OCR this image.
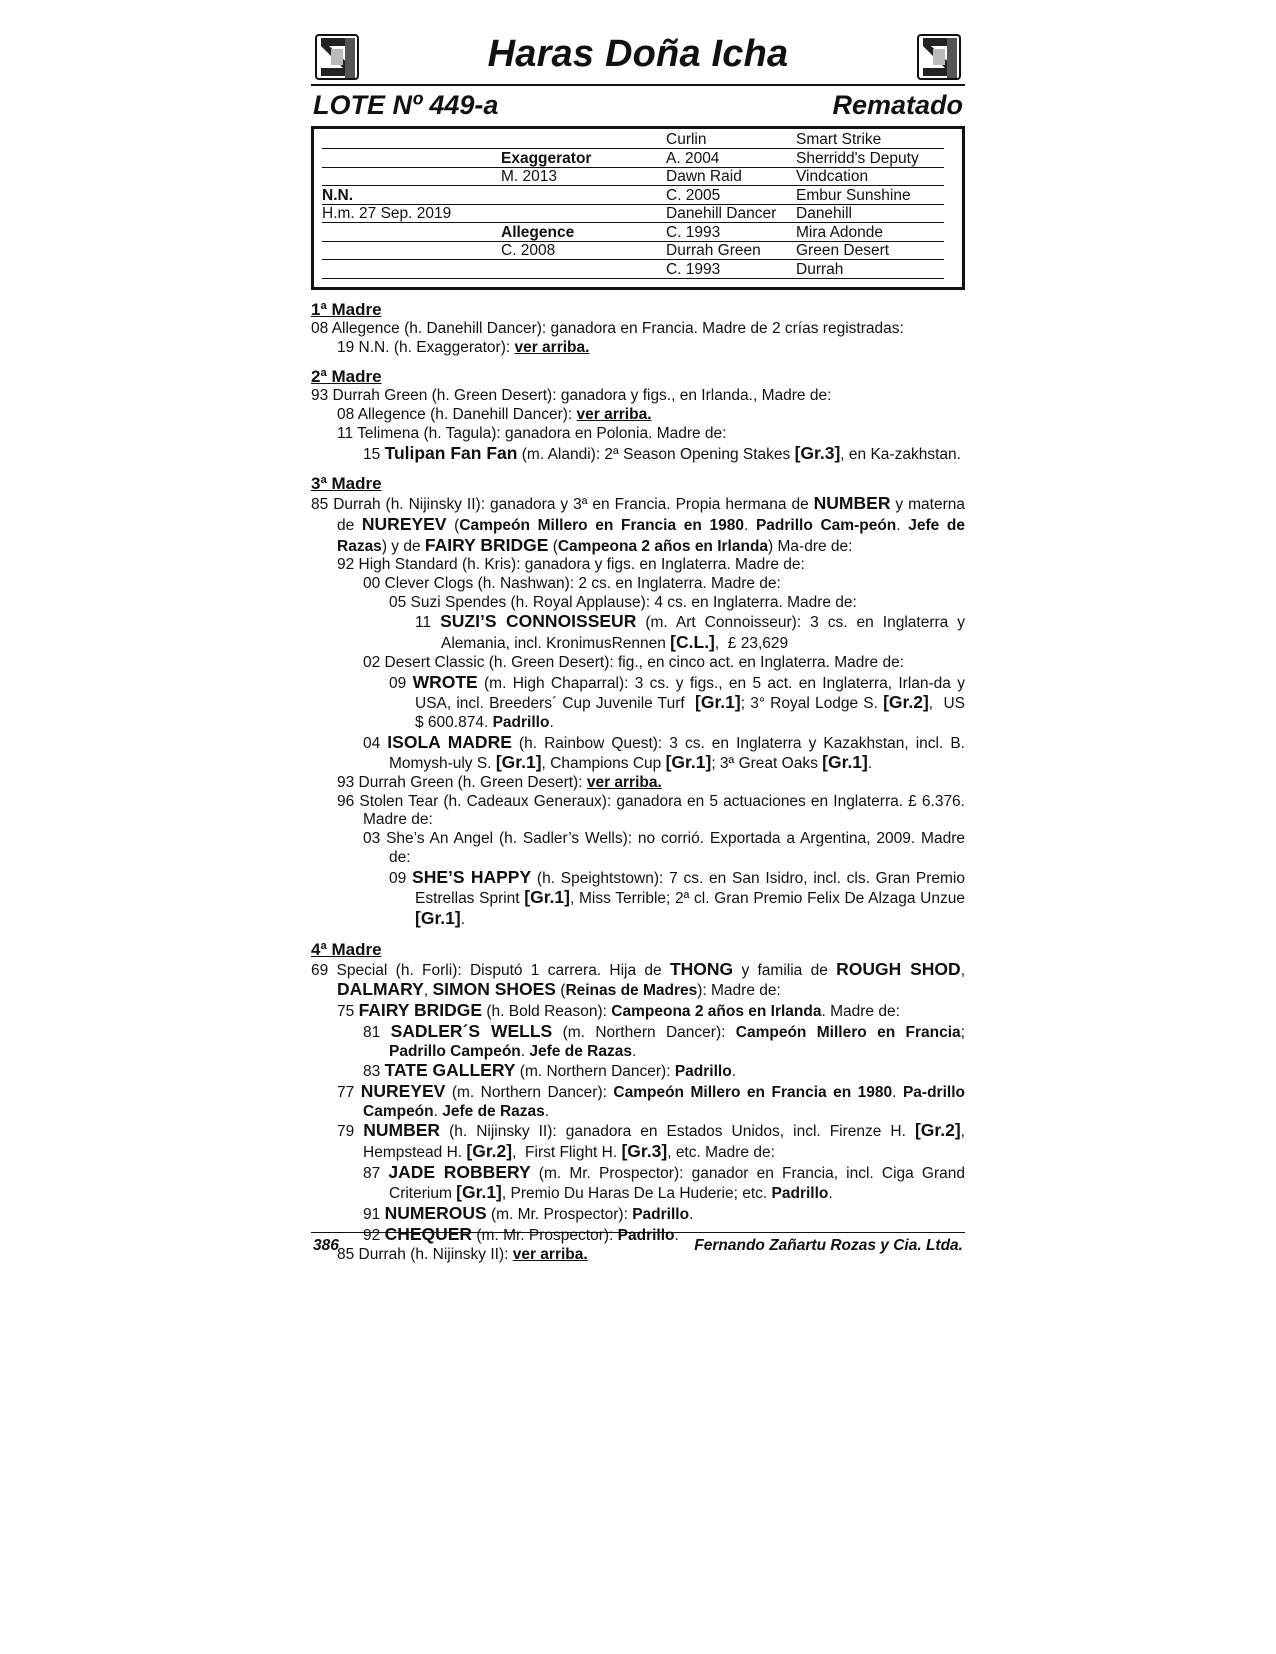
Haras Doña Icha
LOTE Nº 449-a	Rematado
Smart Strike
Sherridd's Deputy
Vindcation
Embur Sunshine
Danehill
Mira Adonde
Green Desert
Durrah
Curlin
A. 2004
Dawn Raid
C. 2005
Danehill Dancer
C. 1993
Durrah Green
C. 1993
Exaggerator
M. 2013
Allegence
C. 2008
N.N.
H.m. 27 Sep. 2019
1ª Madre
08 Allegence (h. Danehill Dancer): ganadora en Francia. Madre de 2 crías registradas:
19 N.N. (h. Exaggerator): ver arriba.
2ª Madre
93 Durrah Green (h. Green Desert): ganadora y figs., en Irlanda., Madre de:
08 Allegence (h. Danehill Dancer): ver arriba.
11 Telimena (h. Tagula): ganadora en Polonia. Madre de:
15 Tulipan Fan Fan (m. Alandi): 2ª Season Opening Stakes [Gr.3], en Ka-zakhstan.
3ª Madre
85 Durrah (h. Nijinsky II): ganadora y 3ª en Francia. Propia hermana de NUMBER y materna de NUREYEV (Campeón Millero en Francia en 1980. Padrillo Cam-peón. Jefe de Razas) y de FAIRY BRIDGE (Campeona 2 años en Irlanda) Ma-dre de:
92 High Standard (h. Kris): ganadora y figs. en Inglaterra. Madre de:
00 Clever Clogs (h. Nashwan): 2 cs. en Inglaterra. Madre de:
05 Suzi Spendes (h. Royal Applause): 4 cs. en Inglaterra. Madre de:
11 SUZI’S CONNOISSEUR (m. Art Connoisseur): 3 cs. en Inglaterra y Alemania, incl. KronimusRennen [C.L.],  £ 23,629
02 Desert Classic (h. Green Desert): fig., en cinco act. en Inglaterra. Madre de:
09 WROTE (m. High Chaparral): 3 cs. y figs., en 5 act. en Inglaterra, Irlan-da y USA, incl. Breeders´ Cup Juvenile Turf  [Gr.1]; 3° Royal Lodge S. [Gr.2],  US $ 600.874. Padrillo.
04 ISOLA MADRE (h. Rainbow Quest): 3 cs. en Inglaterra y Kazakhstan, incl. B. Momysh-uly S. [Gr.1], Champions Cup [Gr.1]; 3ª Great Oaks [Gr.1].
93 Durrah Green (h. Green Desert): ver arriba.
96 Stolen Tear (h. Cadeaux Generaux): ganadora en 5 actuaciones en Inglaterra. £ 6.376. Madre de:
03 She’s An Angel (h. Sadler’s Wells): no corrió. Exportada a Argentina, 2009. Madre de:
09 SHE’S HAPPY (h. Speightstown): 7 cs. en San Isidro, incl. cls. Gran Premio Estrellas Sprint [Gr.1], Miss Terrible; 2ª cl. Gran Premio Felix De Alzaga Unzue [Gr.1].
4ª Madre
69 Special (h. Forli): Disputó 1 carrera. Hija de THONG y familia de ROUGH SHOD, DALMARY, SIMON SHOES (Reinas de Madres): Madre de:
75 FAIRY BRIDGE (h. Bold Reason): Campeona 2 años en Irlanda. Madre de:
81 SADLER´S WELLS (m. Northern Dancer): Campeón Millero en Francia; Padrillo Campeón. Jefe de Razas.
83 TATE GALLERY (m. Northern Dancer): Padrillo.
77 NUREYEV (m. Northern Dancer): Campeón Millero en Francia en 1980. Pa-drillo Campeón. Jefe de Razas.
79 NUMBER (h. Nijinsky II): ganadora en Estados Unidos, incl. Firenze H. [Gr.2], Hempstead H. [Gr.2],  First Flight H. [Gr.3], etc. Madre de:
87 JADE ROBBERY (m. Mr. Prospector): ganador en Francia, incl. Ciga Grand Criterium [Gr.1], Premio Du Haras De La Huderie; etc. Padrillo.
91 NUMEROUS (m. Mr. Prospector): Padrillo.
92 CHEQUER (m. Mr. Prospector): Padrillo.
85 Durrah (h. Nijinsky II): ver arriba.
386	Fernando Zañartu Rozas y Cia. Ltda.
